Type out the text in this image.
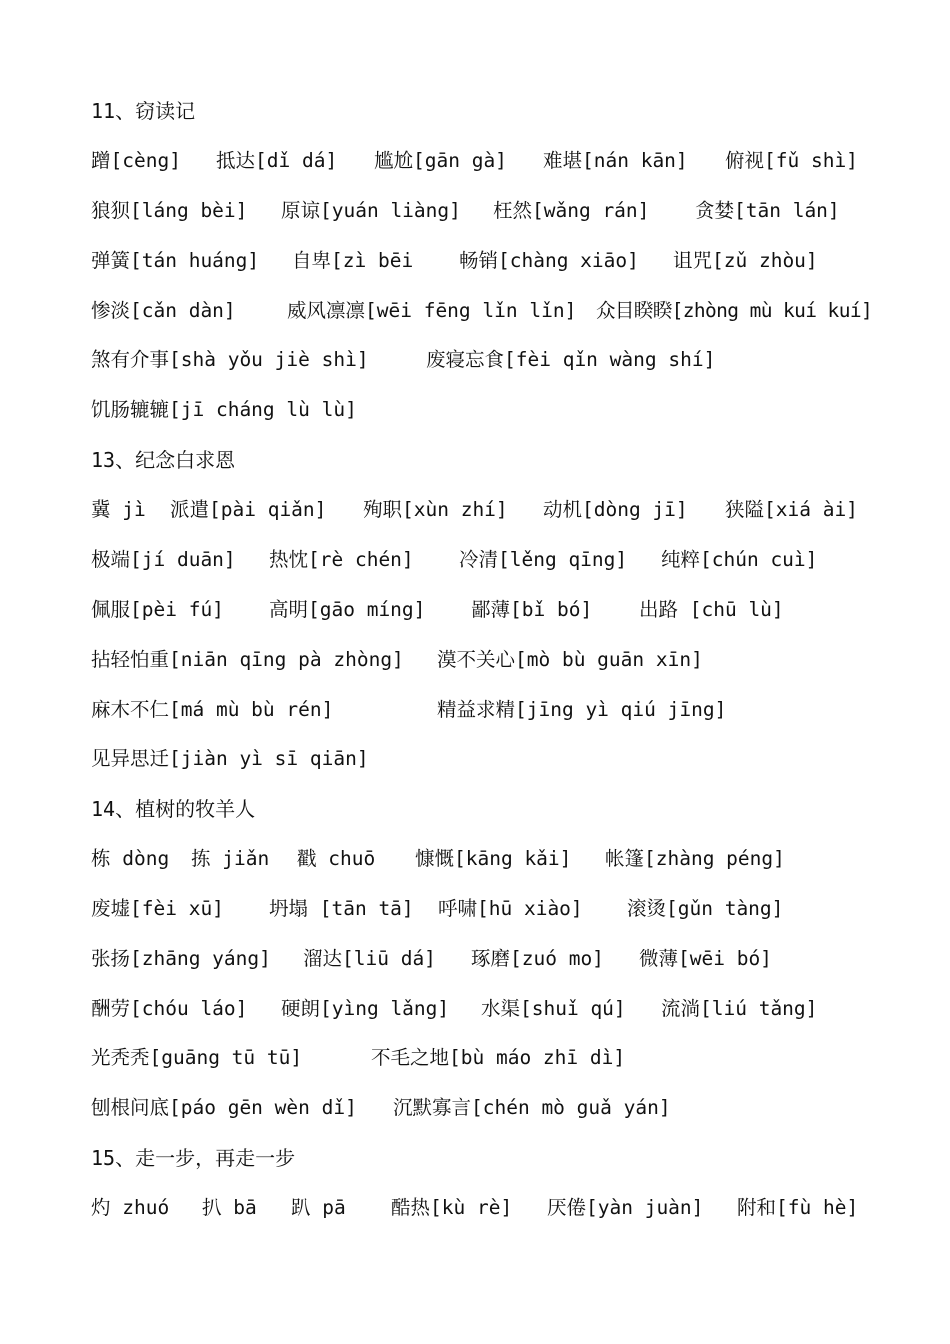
11、窃读记
蹭[cèng] 抵达[dǐ dá] 尴尬[gān gà] 难堪[nán kān] 俯视[fǔ shì]
狼狈[láng bèi] 原谅[yuán liàng] 枉然[wǎng rán] 贪婪[tān lán]
弹簧[tán huáng] 自卑[zì bēi 畅销[chàng xiāo] 诅咒[zǔ zhòu]
惨淡[cǎn dàn]	威风凛凛[wēi fēng lǐn lǐn] 众目睽睽[zhòng mù kuí kuí]
煞有介事[shà yǒu jiè shì]	废寝忘食[fèi qǐn wàng shí]
饥肠辘辘[jī cháng lù lù]
13、纪念白求恩
冀 jì 派遣[pài qiǎn] 殉职[xùn zhí] 动机[dòng jī] 狭隘[xiá ài]
极端[jí duān] 热忱[rè chén] 冷清[lěng qīng] 纯粹[chún cuì]
佩服[pèi fú] 高明[gāo míng] 鄙薄[bǐ bó] 出路 [chū lù]
拈轻怕重[niān qīng pà zhòng] 漠不关心[mò bù guān xīn]
麻木不仁[má mù bù rén]	精益求精[jīng yì qiú jīng]
见异思迁[jiàn yì sī qiān]
14、植树的牧羊人
栋 dòng 拣 jiǎn 戳 chuō 慷慨[kāng kǎi] 帐篷[zhàng péng]
废墟[fèi xū] 坍塌 [tān tā] 呼啸[hū xiào] 滚烫[gǔn tàng]
张扬[zhāng yáng] 溜达[liū dá] 琢磨[zuó mo] 微薄[wēi bó]
酬劳[chóu láo] 硬朗[yìng lǎng] 水渠[shuǐ qú] 流淌[liú tǎng]
光秃秃[guāng tū tū]	不毛之地[bù máo zhī dì]
刨根问底[páo gēn wèn dǐ] 沉默寡言[chén mò guǎ yán]
15、走一步，再走一步
灼 zhuó 扒 bā 趴 pā 酷热[kù rè] 厌倦[yàn juàn] 附和[fù hè]
